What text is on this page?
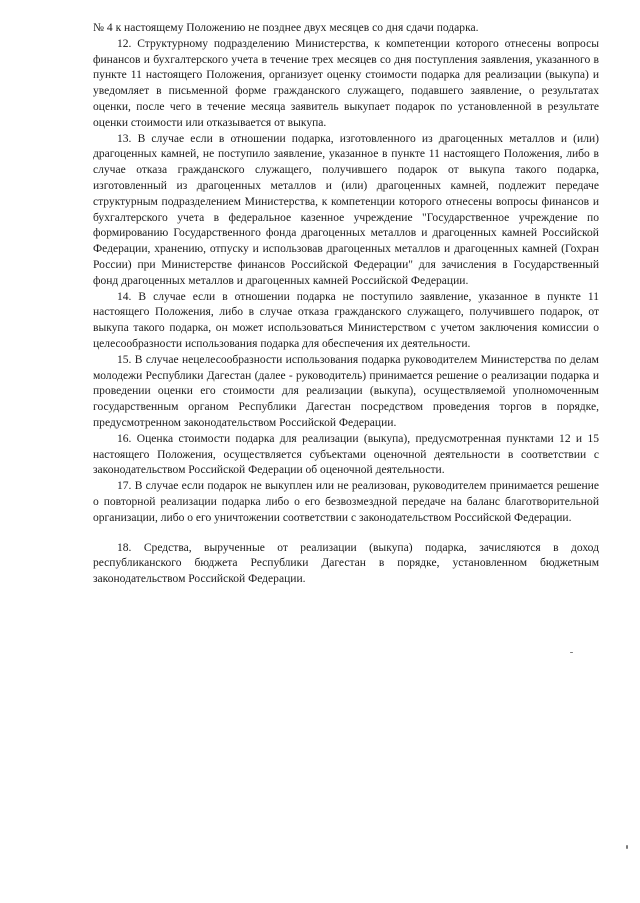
№ 4 к настоящему Положению не позднее двух месяцев со дня сдачи подарка.

12. Структурному подразделению Министерства, к компетенции которого отнесены вопросы финансов и бухгалтерского учета в течение трех месяцев со дня поступления заявления, указанного в пункте 11 настоящего Положения, организует оценку стоимости подарка для реализации (выкупа) и уведомляет в письменной форме гражданского служащего, подавшего заявление, о результатах оценки, после чего в течение месяца заявитель выкупает подарок по установленной в результате оценки стоимости или отказывается от выкупа.

13. В случае если в отношении подарка, изготовленного из драгоценных металлов и (или) драгоценных камней, не поступило заявление, указанное в пункте 11 настоящего Положения, либо в случае отказа гражданского служащего, получившего подарок от выкупа такого подарка, изготовленный из драгоценных металлов и (или) драгоценных камней, подлежит передаче структурным подразделением Министерства, к компетенции которого отнесены вопросы финансов и бухгалтерского учета в федеральное казенное учреждение "Государственное учреждение по формированию Государственного фонда драгоценных металлов и драгоценных камней Российской Федерации, хранению, отпуску и использовав драгоценных металлов и драгоценных камней (Гохран России) при Министерстве финансов Российской Федерации" для зачисления в Государственный фонд драгоценных металлов и драгоценных камней Российской Федерации.

14. В случае если в отношении подарка не поступило заявление, указанное в пункте 11 настоящего Положения, либо в случае отказа гражданского служащего, получившего подарок, от выкупа такого подарка, он может использоваться Министерством с учетом заключения комиссии о целесообразности использования подарка для обеспечения их деятельности.

15. В случае нецелесообразности использования подарка руководителем Министерства по делам молодежи Республики Дагестан (далее - руководитель) принимается решение о реализации подарка и проведении оценки его стоимости для реализации (выкупа), осуществляемой уполномоченным государственным органом Республики Дагестан посредством проведения торгов в порядке, предусмотренном законодательством Российской Федерации.

16. Оценка стоимости подарка для реализации (выкупа), предусмотренная пунктами 12 и 15 настоящего Положения, осуществляется субъектами оценочной деятельности в соответствии с законодательством Российской Федерации об оценочной деятельности.

17. В случае если подарок не выкуплен или не реализован, руководителем принимается решение о повторной реализации подарка либо о его безвозмездной передаче на баланс благотворительной организации, либо о его уничтожении соответствии с законодательством Российской Федерации.

18. Средства, вырученные от реализации (выкупа) подарка, зачисляются в доход республиканского бюджета Республики Дагестан в порядке, установленном бюджетным законодательством Российской Федерации.
